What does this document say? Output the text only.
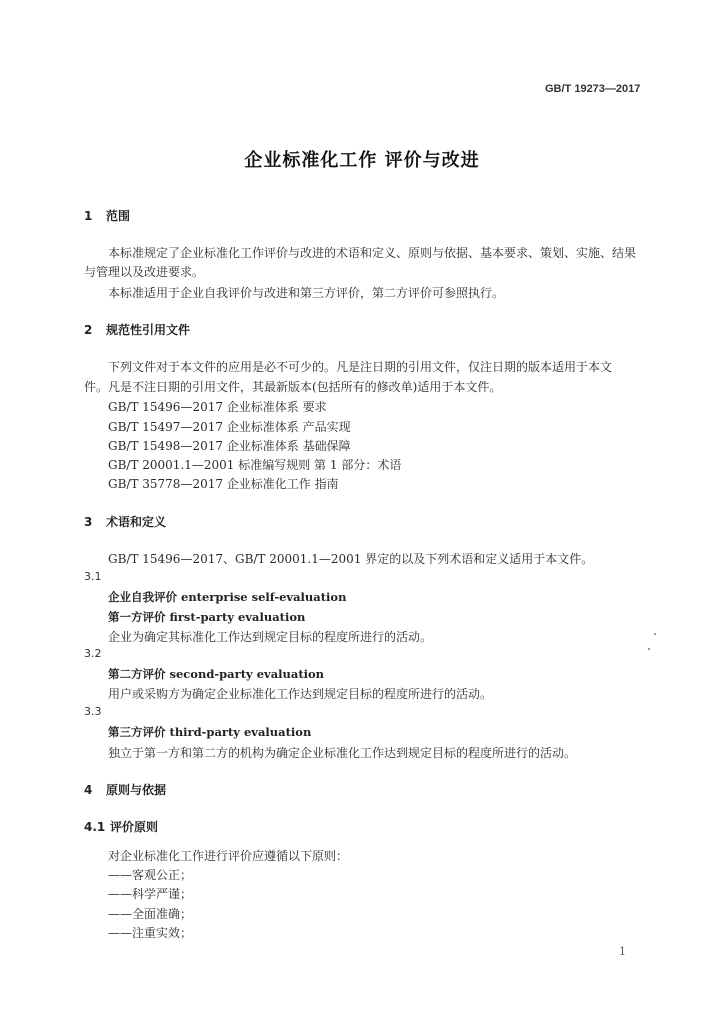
GB/T 19273—2017
企业标准化工作 评价与改进
1 范围
本标准规定了企业标准化工作评价与改进的术语和定义、原则与依据、基本要求、策划、实施、结果
与管理以及改进要求。
本标准适用于企业自我评价与改进和第三方评价，第二方评价可参照执行。
2 规范性引用文件
下列文件对于本文件的应用是必不可少的。凡是注日期的引用文件，仅注日期的版本适用于本文
件。凡是不注日期的引用文件，其最新版本(包括所有的修改单)适用于本文件。
GB/T 15496—2017 企业标准体系 要求
GB/T 15497—2017 企业标准体系 产品实现
GB/T 15498—2017 企业标准体系 基础保障
GB/T 20001.1—2001 标准编写规则 第 1 部分：术语
GB/T 35778—2017 企业标准化工作 指南
3 术语和定义
GB/T 15496—2017、GB/T 20001.1—2001 界定的以及下列术语和定义适用于本文件。
3.1
企业自我评价 enterprise self-evaluation
第一方评价 first-party evaluation
企业为确定其标准化工作达到规定目标的程度所进行的活动。
3.2
第二方评价 second-party evaluation
用户或采购方为确定企业标准化工作达到规定目标的程度所进行的活动。
3.3
第三方评价 third-party evaluation
独立于第一方和第二方的机构为确定企业标准化工作达到规定目标的程度所进行的活动。
4 原则与依据
4.1 评价原则
对企业标准化工作进行评价应遵循以下原则：
——客观公正；
——科学严谨；
——全面准确；
——注重实效；
1
